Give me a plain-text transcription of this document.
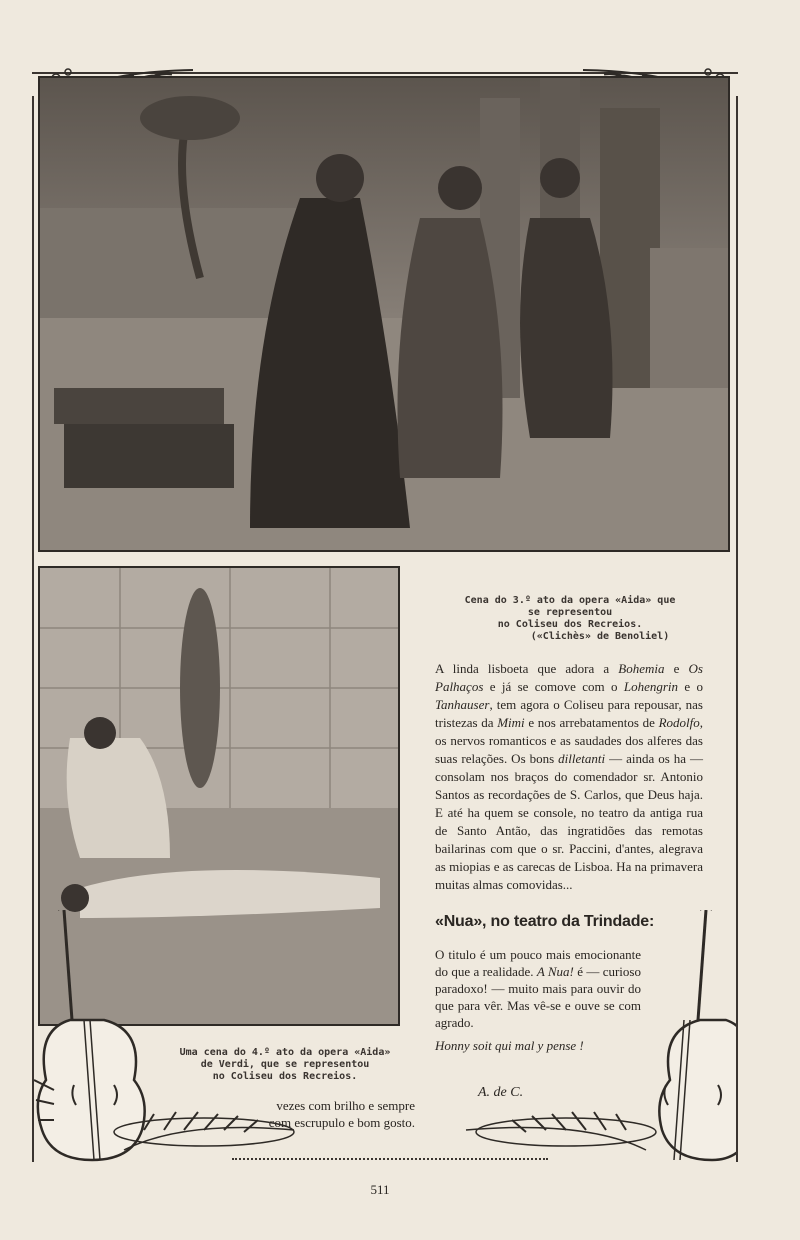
Cena do 3.º ato da opera «Aida» que
se representou
no Coliseu dos Recreios.
(«Clichès» de Benoliel)
A linda lisboeta que adora a Bohemia e Os Palhaços e já se comove com o Lohengrin e o Tanhauser, tem agora o Coliseu para repousar, nas tristezas da Mimi e nos arrebatamentos de Rodolfo, os nervos romanticos e as saudades dos alferes das suas relações. Os bons dilletanti — ainda os ha — consolam nos braços do comendador sr. Antonio Santos as recordações de S. Carlos, que Deus haja. E até ha quem se console, no teatro da antiga rua de Santo Antão, das ingratidões das remotas bailarinas com que o sr. Paccini, d'antes, alegrava as miopias e as carecas de Lisboa. Ha na primavera muitas almas comovidas...
«Nua», no teatro da Trindade:
O titulo é um pouco mais emocionante do que a realidade. A Nua! é — curioso paradoxo! — muito mais para ouvir do que para vêr. Mas vê-se e ouve se com agrado.
Honny soit qui mal y pense !
A. de C.
Uma cena do 4.º ato da opera «Aida»
de Verdi, que se representou
no Coliseu dos Recreios.
vezes com brilho e sempre com escrupulo e bom gosto.
511
